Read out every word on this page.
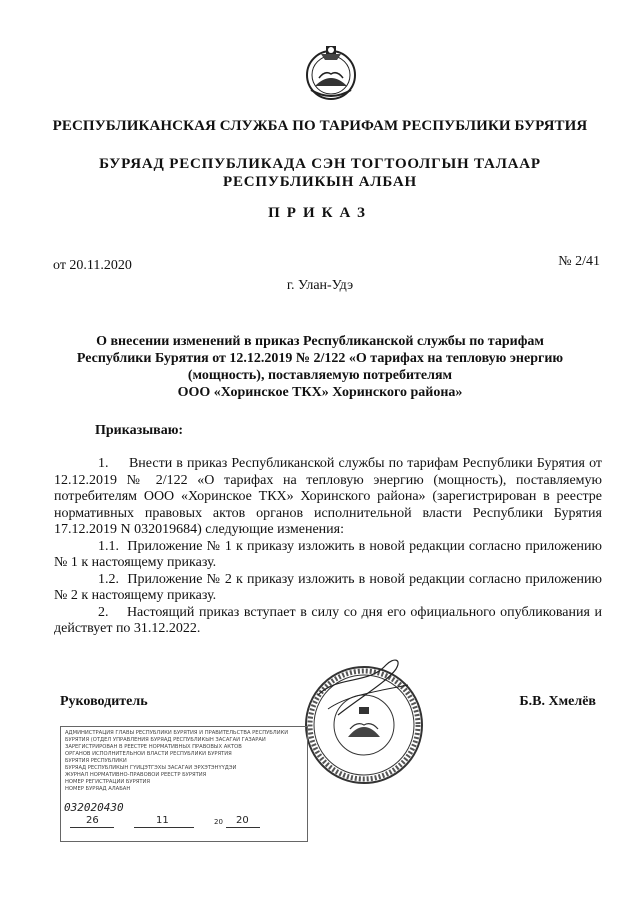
РЕСПУБЛИКАНСКАЯ СЛУЖБА ПО ТАРИФАМ РЕСПУБЛИКИ БУРЯТИЯ
БУРЯАД РЕСПУБЛИКАДА СЭН ТОГТООЛГЫН ТАЛААР
РЕСПУБЛИКЫН АЛБАН
ПРИКАЗ
от 20.11.2020	№ 2/41
г. Улан-Удэ
О внесении изменений в приказ Республиканской службы по тарифам
Республики Бурятия от 12.12.2019 № 2/122 «О тарифах на тепловую энергию
(мощность), поставляемую потребителям
ООО «Хоринское ТКХ» Хоринского района»
Приказываю:

1.     Внести в приказ Республиканской службы по тарифам Республики Бурятия от 12.12.2019 № 2/122 «О тарифах на тепловую энергию (мощность), поставляемую потребителям ООО «Хоринское ТКХ» Хоринского района» (зарегистрирован в реестре нормативных правовых актов органов исполнительной власти Республики Бурятия 17.12.2019 N 032019684) следующие изменения:

1.1.  Приложение № 1 к приказу изложить в новой редакции согласно приложению № 1 к настоящему приказу.

1.2.  Приложение № 2 к приказу изложить в новой редакции согласно приложению № 2 к настоящему приказу.

2.    Настоящий приказ вступает в силу со дня его официального опубликования и действует по 31.12.2022.

Руководитель	Б.В. Хмелёв
АДМИНИСТРАЦИЯ ГЛАВЫ РЕСПУБЛИКИ БУРЯТИЯ И ПРАВИТЕЛЬСТВА РЕСПУБЛИКИ
БУРЯТИЯ (ОТДЕЛ УПРАВЛЕНИЯ БУРЯАД РЕСПУБЛИКЫН ЗАСАГАЙ ГАЗАРАЙ
ЗАРЕГИСТРИРОВАН В РЕЕСТРЕ НОРМАТИВНЫХ ПРАВОВЫХ АКТОВ
ОРГАНОВ ИСПОЛНИТЕЛЬНОЙ ВЛАСТИ РЕСПУБЛИКИ БУРЯТИЯ
БУРЯТИЯ РЕСПУБЛИКИ
БУРЯАД РЕСПУБЛИКЫН ГҮЙЦЭТГЭХЫ ЗАСАГАЙ ЭРХЭТЭНҮҮДЭЙ
ЖУРНАЛ НОРМАТИВНО-ПРАВОВОЙ РЕЕСТР БУРЯТИЯ
НОМЕР РЕГИСТРАЦИИ БУРЯТИЯ
НОМЕР БУРЯАД АЛАБАН
032020430
26	11	20 20
